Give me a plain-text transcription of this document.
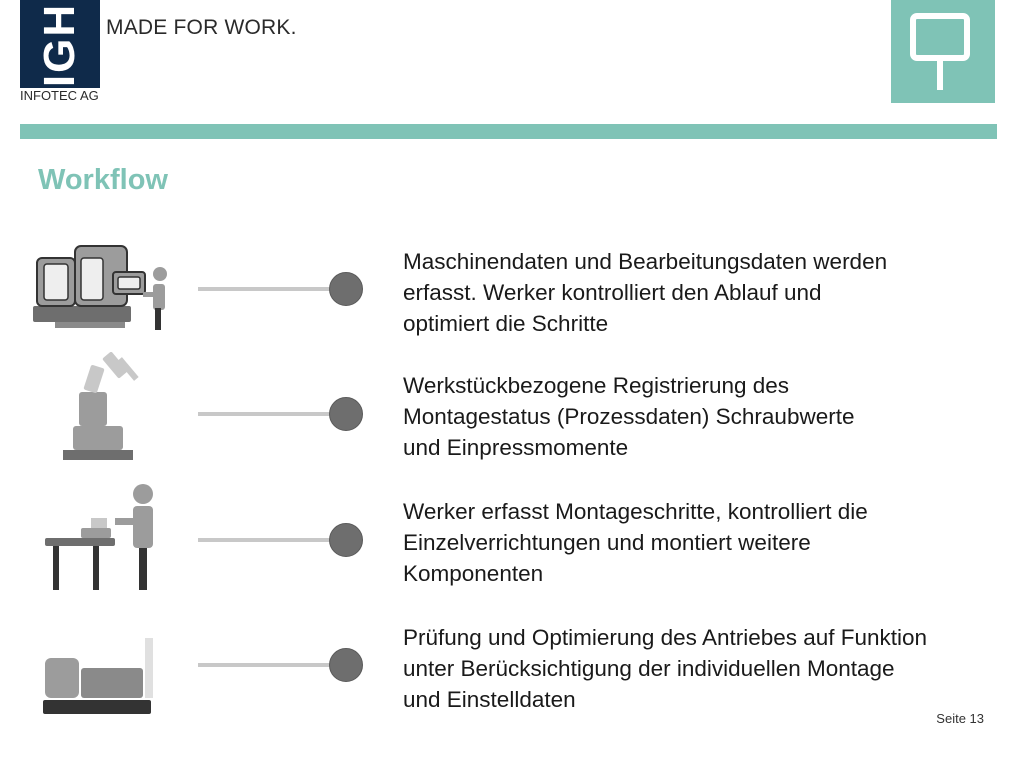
IGH MADE FOR WORK.
INFOTEC AG
Workflow
Maschinendaten und Bearbeitungsdaten werden
erfasst. Werker kontrolliert den Ablauf und
optimiert die Schritte
Werkstückbezogene Registrierung des
Montagestatus (Prozessdaten) Schraubwerte
und Einpressmomente
Werker erfasst Montageschritte, kontrolliert die
Einzelverrichtungen und montiert weitere
Komponenten
Prüfung und Optimierung des Antriebes auf Funktion
unter Berücksichtigung der individuellen Montage
und Einstelldaten
Seite 13
